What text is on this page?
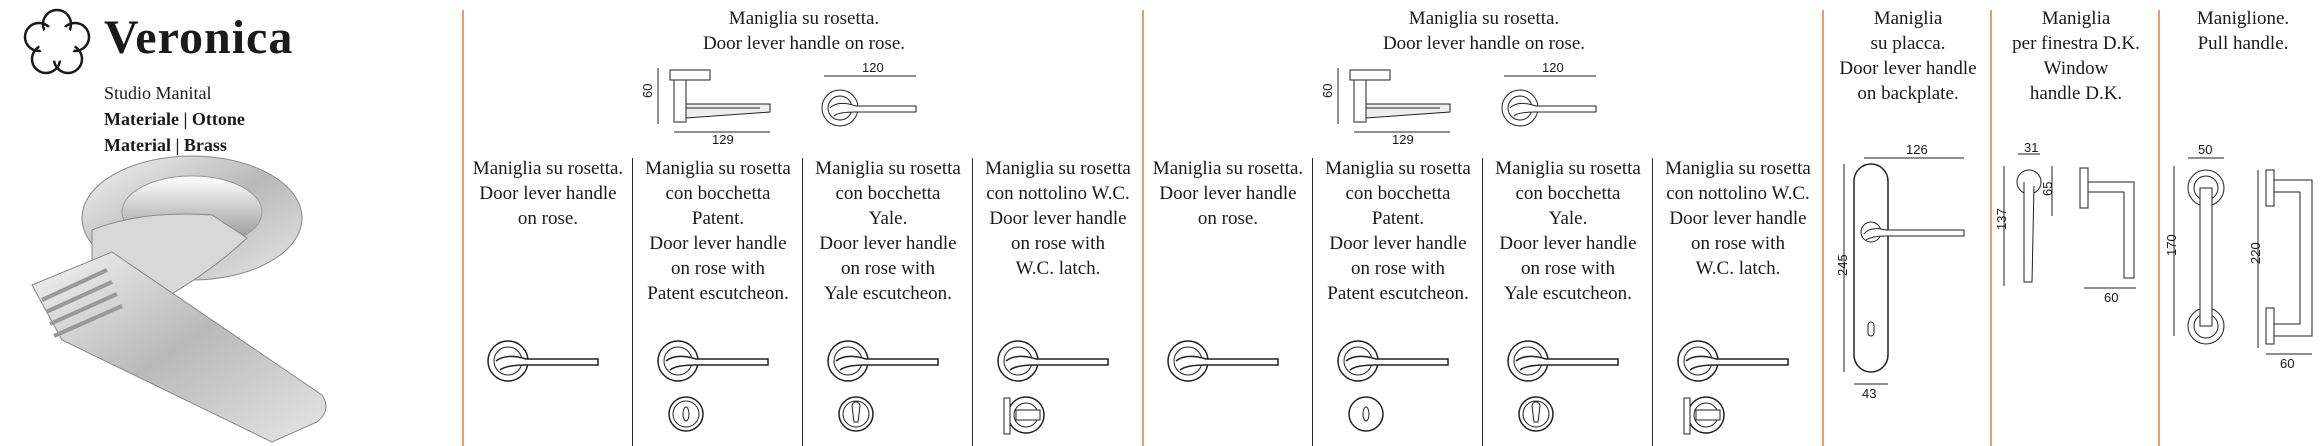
Veronica
Studio Manital
Materiale | Ottone
Material | Brass
Maniglia su rosetta.
Door lever handle on rose.
60
129
120
Maniglia su rosetta.
Door lever handle on rose.
60
129
120
Maniglia su rosetta.
Door lever handle
on rose.
Maniglia su rosetta
con bocchetta
Patent.
Door lever handle
on rose with
Patent escutcheon.
Maniglia su rosetta
con bocchetta
Yale.
Door lever handle
on rose with
Yale escutcheon.
Maniglia su rosetta
con nottolino W.C.
Door lever handle
on rose with
W.C. latch.
Maniglia su rosetta.
Door lever handle
on rose.
Maniglia su rosetta
con bocchetta
Patent.
Door lever handle
on rose with
Patent escutcheon.
Maniglia su rosetta
con bocchetta
Yale.
Door lever handle
on rose with
Yale escutcheon.
Maniglia su rosetta
con nottolino W.C.
Door lever handle
on rose with
W.C. latch.
Maniglia
su placca.
Door lever handle
on backplate.
126
245
43
Maniglia
per finestra D.K.
Window
handle D.K.
31
137
65
60
Maniglione.
Pull handle.
50
170	220
60
